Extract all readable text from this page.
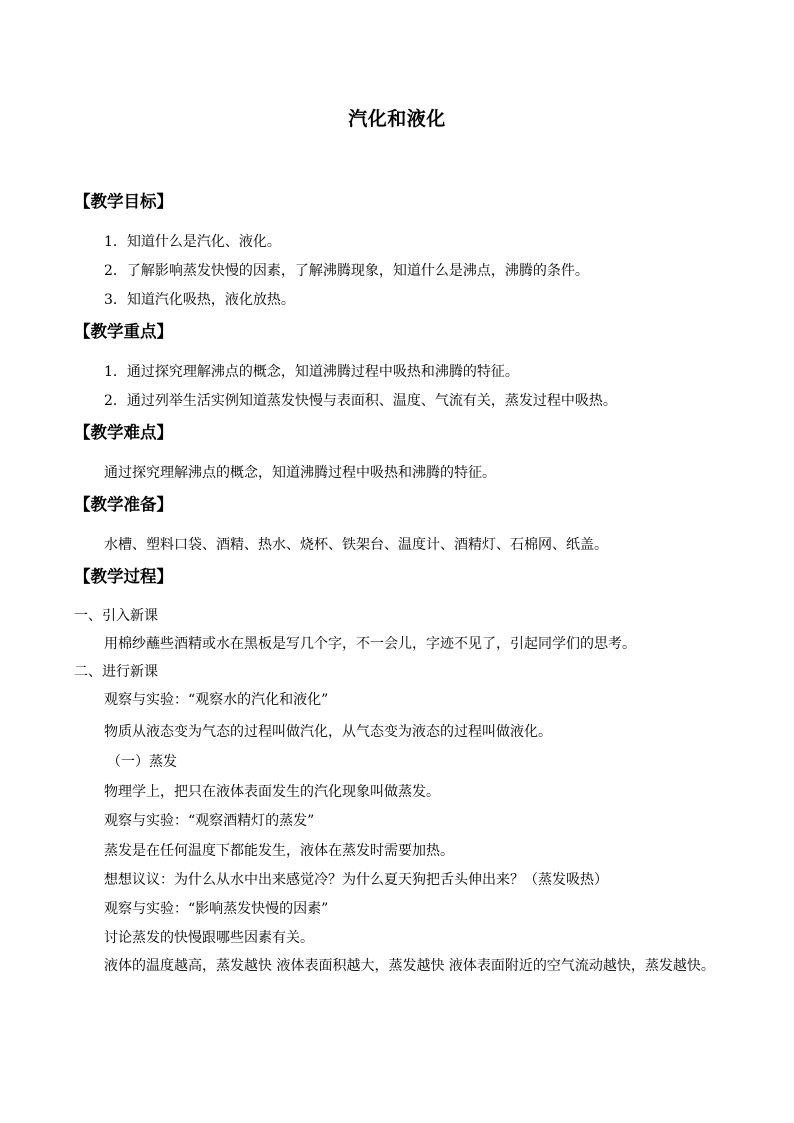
汽化和液化
【教学目标】
1．知道什么是汽化、液化。
2．了解影响蒸发快慢的因素，了解沸腾现象，知道什么是沸点，沸腾的条件。
3．知道汽化吸热，液化放热。
【教学重点】
1．通过探究理解沸点的概念，知道沸腾过程中吸热和沸腾的特征。
2．通过列举生活实例知道蒸发快慢与表面积、温度、气流有关，蒸发过程中吸热。
【教学难点】
通过探究理解沸点的概念，知道沸腾过程中吸热和沸腾的特征。
【教学准备】
水槽、塑料口袋、酒精、热水、烧杯、铁架台、温度计、酒精灯、石棉网、纸盖。
【教学过程】
一、引入新课
用棉纱蘸些酒精或水在黑板是写几个字，不一会儿，字迹不见了，引起同学们的思考。
二、进行新课
观察与实验：“观察水的汽化和液化”
物质从液态变为气态的过程叫做汽化，从气态变为液态的过程叫做液化。
（一）蒸发
物理学上，把只在液体表面发生的汽化现象叫做蒸发。
观察与实验：“观察酒精灯的蒸发”
蒸发是在任何温度下都能发生，液体在蒸发时需要加热。
想想议议：为什么从水中出来感觉冷？为什么夏天狗把舌头伸出来？（蒸发吸热）
观察与实验：“影响蒸发快慢的因素”
讨论蒸发的快慢跟哪些因素有关。
液体的温度越高，蒸发越快 液体表面积越大，蒸发越快 液体表面附近的空气流动越快，蒸发越快。
